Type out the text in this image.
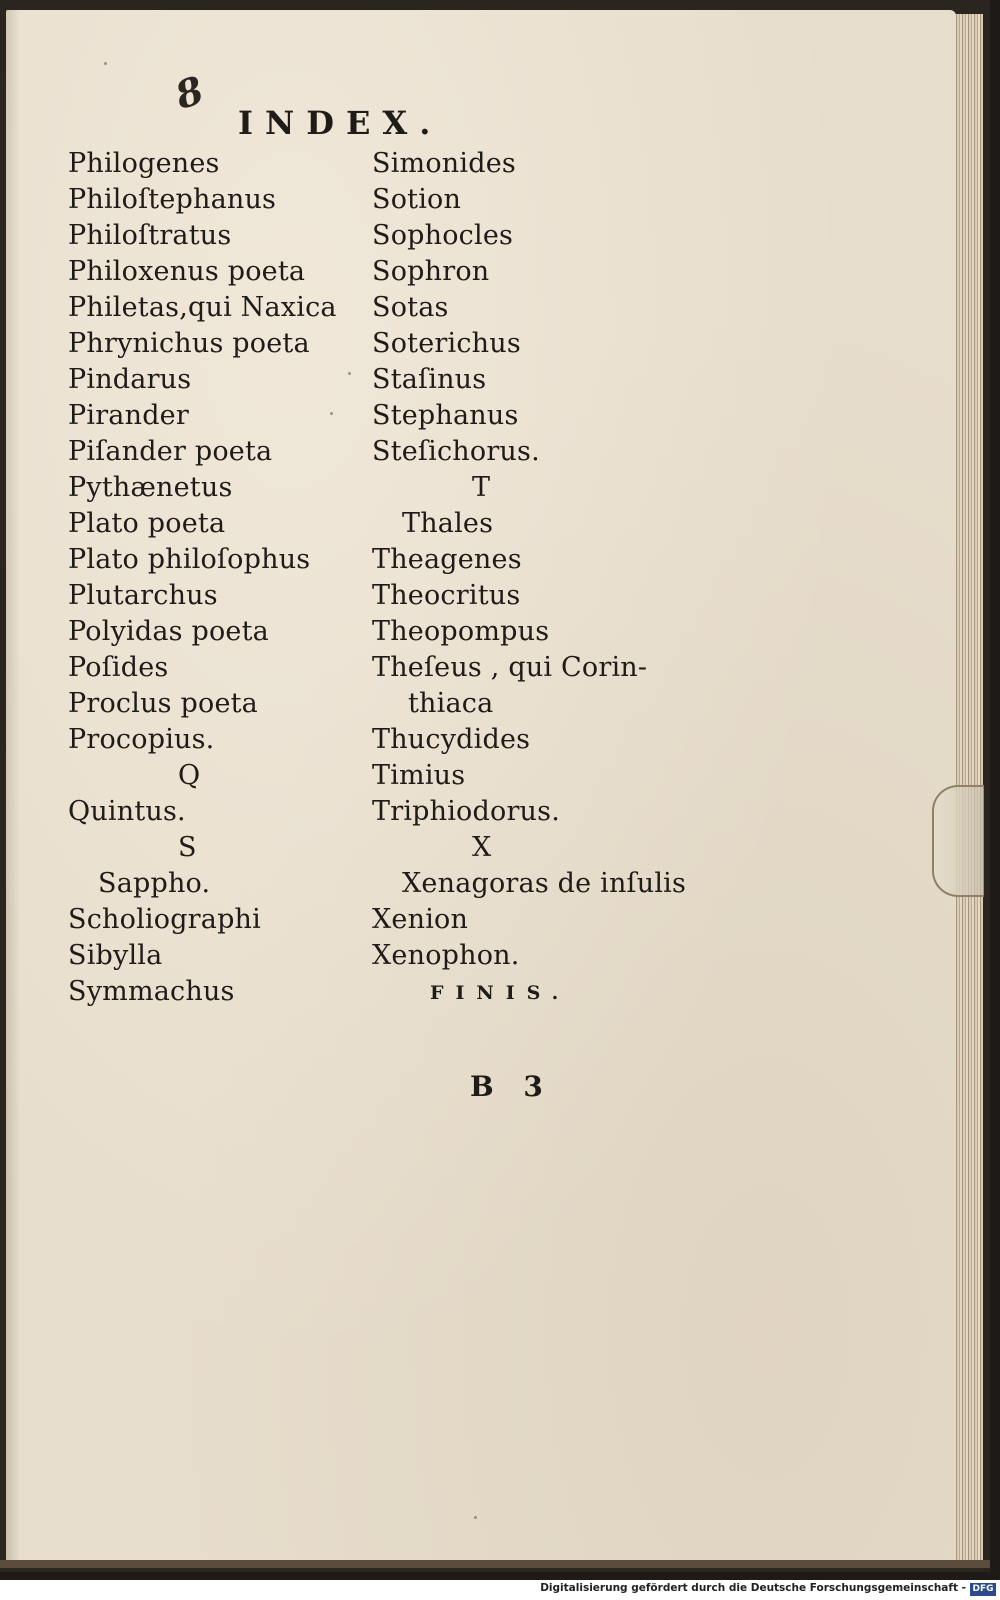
8
INDEX.
Philogenes
Philoſtephanus
Philoſtratus
Philoxenus poeta
Philetas,qui Naxica
Phrynichus poeta
Pindarus
Pirander
Piſander poeta
Pythænetus
Plato poeta
Plato philoſophus
Plutarchus
Polyidas poeta
Poſides
Proclus poeta
Procopius.
Q
Quintus.
S
Sappho.
Scholiographi
Sibylla
Symmachus
Simonides
Sotion
Sophocles
Sophron
Sotas
Soterichus
Staſinus
Stephanus
Steſichorus.
T
Thales
Theagenes
Theocritus
Theopompus
Theſeus , qui Corin-
thiaca
Thucydides
Timius
Triphiodorus.
X
Xenagoras de inſulis
Xenion
Xenophon.
FINIS.
B 3
Digitalisierung gefördert durch die Deutsche Forschungsgemeinschaft - DFG
